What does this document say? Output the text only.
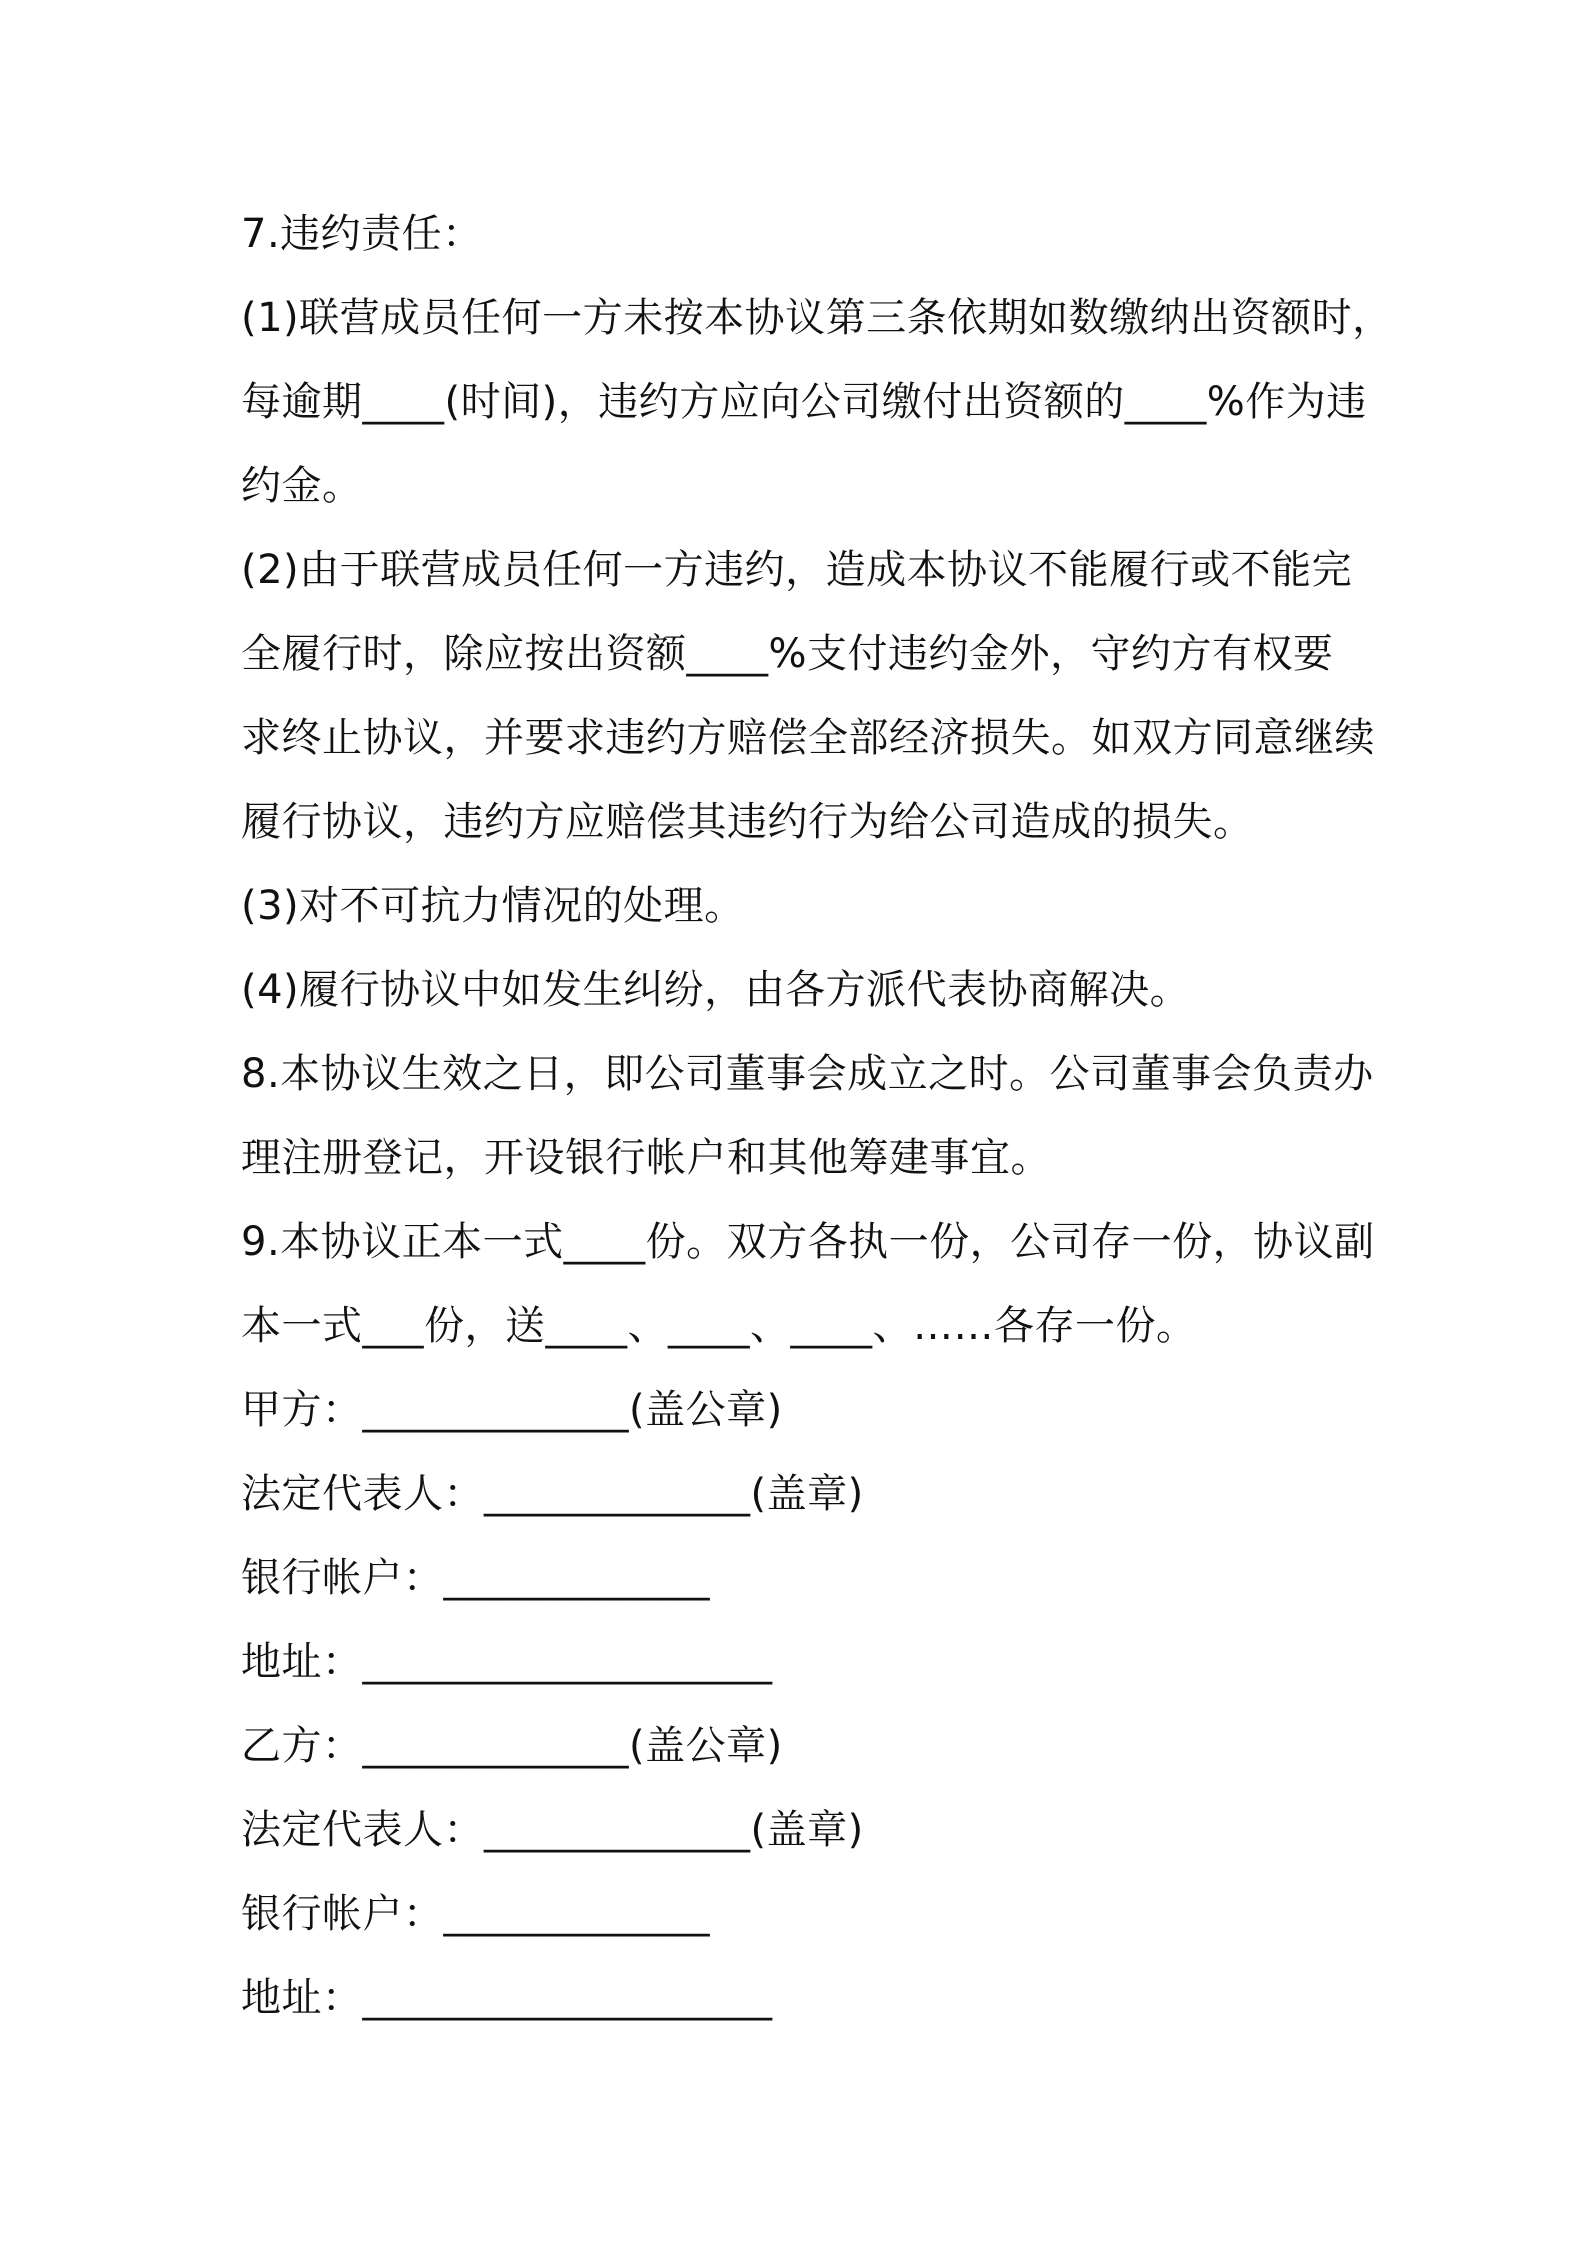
7.违约责任：
(1)联营成员任何一方未按本协议第三条依期如数缴纳出资额时，
每逾期____(时间)，违约方应向公司缴付出资额的____%作为违
约金。
(2)由于联营成员任何一方违约，造成本协议不能履行或不能完
全履行时，除应按出资额____%支付违约金外，守约方有权要
求终止协议，并要求违约方赔偿全部经济损失。如双方同意继续
履行协议，违约方应赔偿其违约行为给公司造成的损失。
(3)对不可抗力情况的处理。
(4)履行协议中如发生纠纷，由各方派代表协商解决。
8.本协议生效之日，即公司董事会成立之时。公司董事会负责办
理注册登记，开设银行帐户和其他筹建事宜。
9.本协议正本一式____份。双方各执一份，公司存一份，协议副
本一式___份，送____、____、____、……各存一份。
甲方：_____________(盖公章)
法定代表人：_____________(盖章)
银行帐户：_____________
地址：____________________
乙方：_____________(盖公章)
法定代表人：_____________(盖章)
银行帐户：_____________
地址：____________________
